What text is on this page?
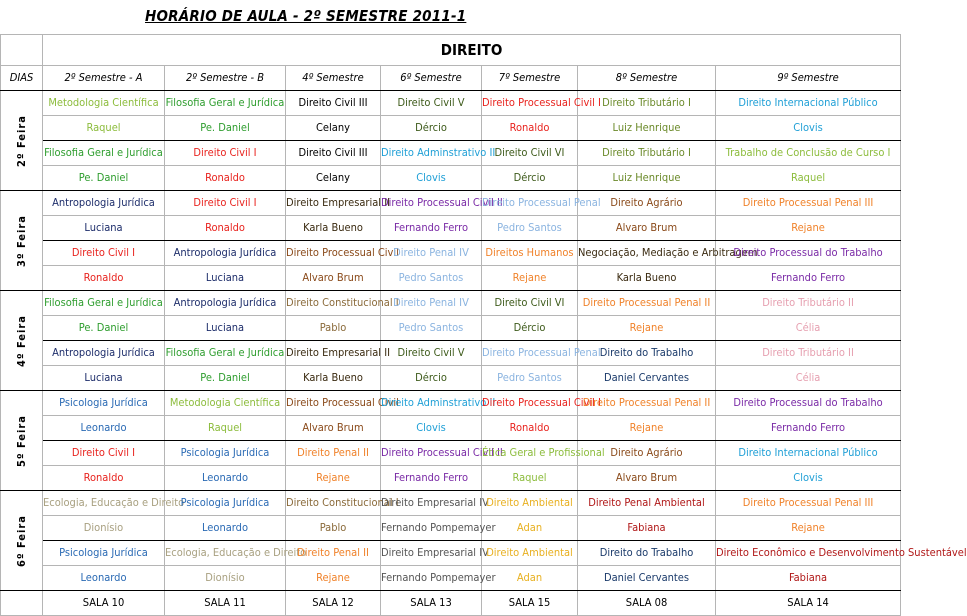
HORÁRIO DE AULA - 2º SEMESTRE 2011-1
	DIREITO						
DIAS	2º Semestre - A	2º Semestre - B	4º Semestre	6º Semestre	7º Semestre	8º Semestre	9º Semestre

2º Feira	Metodologia Científica	Filosofia Geral e Jurídica	Direito Civil III	Direito Civil V	Direito Processual Civil I	Direito Tributário I	Direito Internacional Público
	Raquel	Pe. Daniel	Celany	Dércio	Ronaldo	Luiz Henrique	Clovis
	Filosofia Geral e Jurídica	Direito Civil I	Direito Civil III	Direito Adminstrativo II	Direito Civil VI	Direito Tributário I	Trabalho de Conclusão de Curso I
	Pe. Daniel	Ronaldo	Celany	Clovis	Dércio	Luiz Henrique	Raquel

3º Feira	Antropologia Jurídica	Direito Civil I	Direito Empresarial II	Direito Processual Civil II	Direito Processual Penal	Direito Agrário	Direito Processual Penal III
	Luciana	Ronaldo	Karla Bueno	Fernando Ferro	Pedro Santos	Alvaro Brum	Rejane
	Direito Civil I	Antropologia Jurídica	Direito Processual Civil	Direito Penal IV	Direitos Humanos	Negociação, Mediação e Arbitragem	Direito Processual do Trabalho
	Ronaldo	Luciana	Alvaro Brum	Pedro Santos	Rejane	Karla Bueno	Fernando Ferro

4º Feira	Filosofia Geral e Jurídica	Antropologia Jurídica	Direito Constitucional I	Direito Penal IV	Direito Civil VI	Direito Processual Penal II	Direito Tributário II
	Pe. Daniel	Luciana	Pablo	Pedro Santos	Dércio	Rejane	Célia
	Antropologia Jurídica	Filosofia Geral e Jurídica	Direito Empresarial II	Direito Civil V	Direito Processual Penal	Direito do Trabalho	Direito Tributário II
	Luciana	Pe. Daniel	Karla Bueno	Dércio	Pedro Santos	Daniel Cervantes	Célia

5º Feira	Psicologia Jurídica	Metodologia Científica	Direito Processual Civil	Direito Adminstrativo II	Direito Processual Civil I	Direito Processual Penal II	Direito Processual do Trabalho
	Leonardo	Raquel	Alvaro Brum	Clovis	Ronaldo	Rejane	Fernando Ferro
	Direito Civil I	Psicologia Jurídica	Direito Penal II	Direito Processual Civil II	Ética Geral e Profissional	Direito Agrário	Direito Internacional Público
	Ronaldo	Leonardo	Rejane	Fernando Ferro	Raquel	Alvaro Brum	Clovis

6º Feira	Ecologia, Educação e Direito	Psicologia Jurídica	Direito Constitucional I	Direito Empresarial IV	Direito Ambiental	Direito Penal Ambiental	Direito Processual Penal III
	Dionísio	Leonardo	Pablo	Fernando Pompemayer	Adan	Fabiana	Rejane
	Psicologia Jurídica	Ecologia, Educação e Direito	Direito Penal II	Direito Empresarial IV	Direito Ambiental	Direito do Trabalho	Direito Econômico e Desenvolvimento Sustentável
	Leonardo	Dionísio	Rejane	Fernando Pompemayer	Adan	Daniel Cervantes	Fabiana
	SALA 10	SALA 11	SALA 12	SALA 13	SALA 15	SALA 08	SALA 14
